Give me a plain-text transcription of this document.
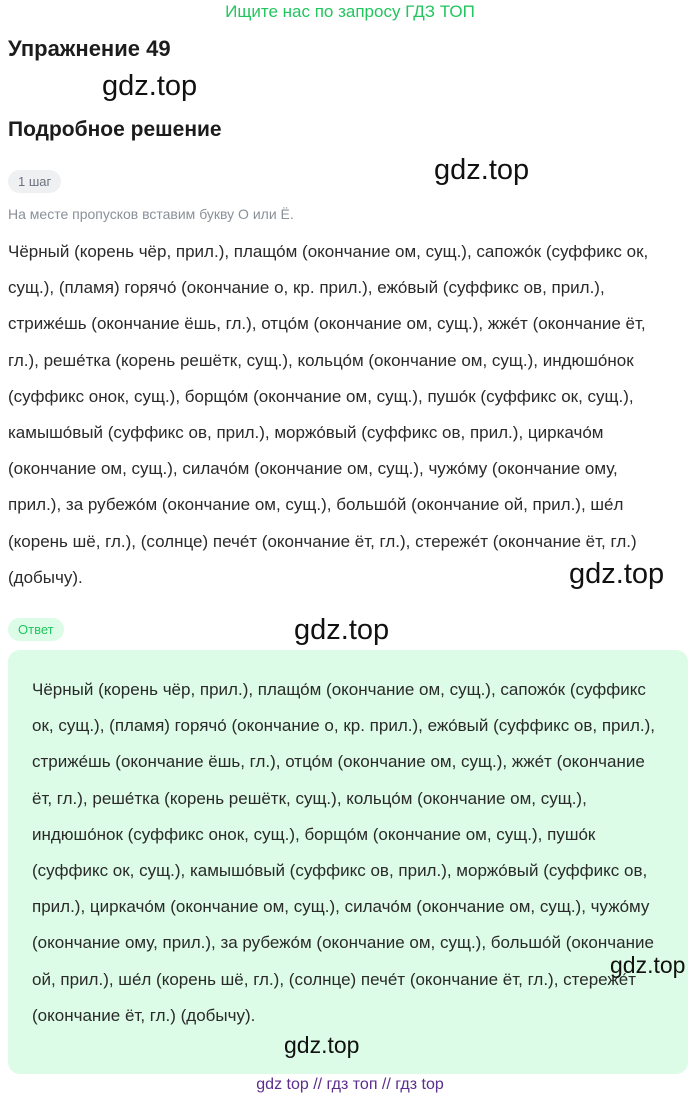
Ищите нас по запросу ГДЗ ТОП
Упражнение 49
gdz.top
Подробное решение
gdz.top
1 шаг
На месте пропусков вставим букву О или Ё.
Чёрный (корень чёр, прил.), плащо́м (окончание ом, сущ.), сапожо́к (суффикс ок, сущ.), (пламя) горячо́ (окончание о, кр. прил.), ежо́вый (суффикс ов, прил.), стриже́шь (окончание ёшь, гл.), отцо́м (окончание ом, сущ.), жже́т (окончание ёт, гл.), реше́тка (корень решётк, сущ.), кольцо́м (окончание ом, сущ.), индюшо́нок (суффикс онок, сущ.), борщо́м (окончание ом, сущ.), пушо́к (суффикс ок, сущ.), камышо́вый (суффикс ов, прил.), моржо́вый (суффикс ов, прил.), циркачо́м (окончание ом, сущ.), силачо́м (окончание ом, сущ.), чужо́му (окончание ому, прил.), за рубежо́м (окончание ом, сущ.), большо́й (окончание ой, прил.), ше́л (корень шё, гл.), (солнце) пече́т (окончание ёт, гл.), стереже́т (окончание ёт, гл.) (добычу).	gdz.top
Ответ	gdz.top
Чёрный (корень чёр, прил.), плащо́м (окончание ом, сущ.), сапожо́к (суффикс ок, сущ.), (пламя) горячо́ (окончание о, кр. прил.), ежо́вый (суффикс ов, прил.), стриже́шь (окончание ёшь, гл.), отцо́м (окончание ом, сущ.), жже́т (окончание ёт, гл.), реше́тка (корень решётк, сущ.), кольцо́м (окончание ом, сущ.), индюшо́нок (суффикс онок, сущ.), борщо́м (окончание ом, сущ.), пушо́к (суффикс ок, сущ.), камышо́вый (суффикс ов, прил.), моржо́вый (суффикс ов, прил.), циркачо́м (окончание ом, сущ.), силачо́м (окончание ом, сущ.), чужо́му (окончание ому, прил.), за рубежо́м (окончание ом, сущ.), большо́й (окончание ой, прил.), ше́л (корень шё, гл.), (солнце) пече́т (окончание ёт, гл.), стереже́т (окончание ёт, гл.) (добычу).
gdz.top
gdz.top
gdz top // гдз топ // гдз top
